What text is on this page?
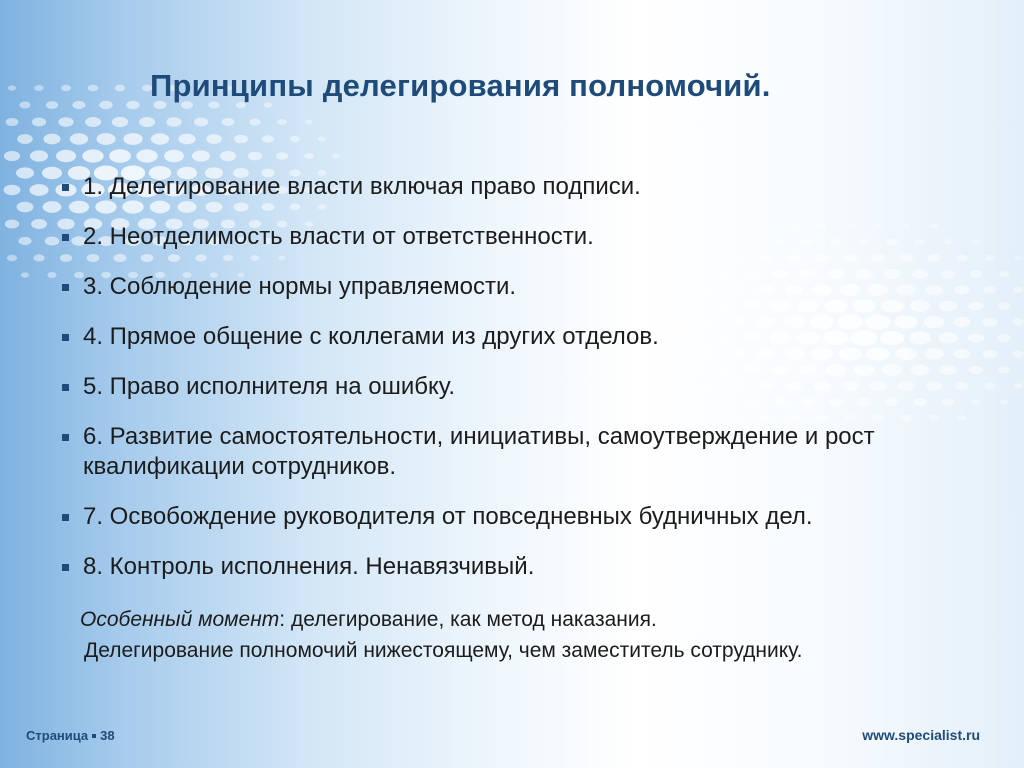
Принципы делегирования полномочий.
1. Делегирование власти включая право подписи.
2. Неотделимость власти от ответственности.
3. Соблюдение нормы управляемости.
4. Прямое общение с коллегами из других отделов.
5. Право исполнителя на ошибку.
6. Развитие самостоятельности, инициативы, самоутверждение и рост квалификации сотрудников.
7. Освобождение руководителя от повседневных будничных дел.
8. Контроль исполнения. Ненавязчивый.
Особенный момент: делегирование, как метод наказания.
Делегирование полномочий нижестоящему, чем заместитель сотруднику.
Страница 38	www.specialist.ru
